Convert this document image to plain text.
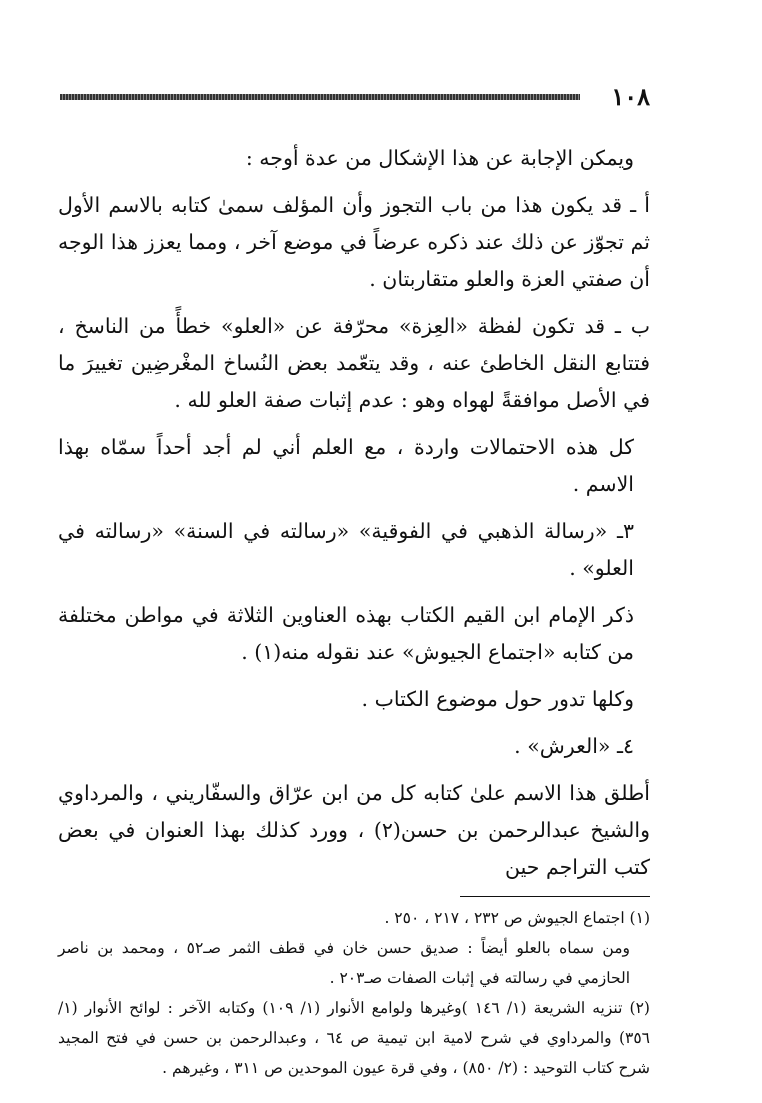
١٠٨

ويمكن الإجابة عن هذا الإشكال من عدة أوجه :

أ ـ قد يكون هذا من باب التجوز وأن المؤلف سمىٰ كتابه بالاسم الأول ثم تجوّز عن ذلك عند ذكره عرضاً في موضع آخر ، ومما يعزز هذا الوجه أن صفتي العزة والعلو متقاربتان .

ب ـ قد تكون لفظة «العِزة» محرّفة عن «العلو» خطأً من الناسخ ، فتتابع النقل الخاطئ عنه ، وقد يتعّمد بعض النُساخ المغْرضِين تغييرَ ما في الأصل موافقةً لهواه وهو : عدم إثبات صفة العلو لله .

كل هذه الاحتمالات واردة ، مع العلم أني لم أجد أحداً سمّاه بهذا الاسم .

٣ـ «رسالة الذهبي في الفوقية» «رسالته في السنة» «رسالته في العلو» .

ذكر الإمام ابن القيم الكتاب بهذه العناوين الثلاثة في مواطن مختلفة من كتابه «اجتماع الجيوش» عند نقوله منه(١) .

وكلها تدور حول موضوع الكتاب .

٤ـ «العرش» .

أطلق هذا الاسم علىٰ كتابه كل من ابن عرّاق والسفّاريني ، والمرداوي والشيخ عبدالرحمن بن حسن(٢) ، وورد كذلك بهذا العنوان في بعض كتب التراجم حين

(١) اجتماع الجيوش ص ٢٣٢ ، ٢١٧ ، ٢٥٠ .

ومن سماه بالعلو أيضاً : صديق حسن خان في قطف الثمر صـ٥٢ ، ومحمد بن ناصر الحازمي في رسالته في إثبات الصفات صـ٢٠٣ .

(٢) تنزيه الشريعة (١/ ١٤٦ )وغيرها ولوامع الأنوار (١/ ١٠٩) وكتابه الآخر : لوائح الأنوار (١/ ٣٥٦) والمرداوي في شرح لامية ابن تيمية ص ٦٤ ، وعبدالرحمن بن حسن في فتح المجيد شرح كتاب التوحيد : (٢/ ٨٥٠) ، وفي قرة عيون الموحدين ص ٣١١ ، وغيرهم .
